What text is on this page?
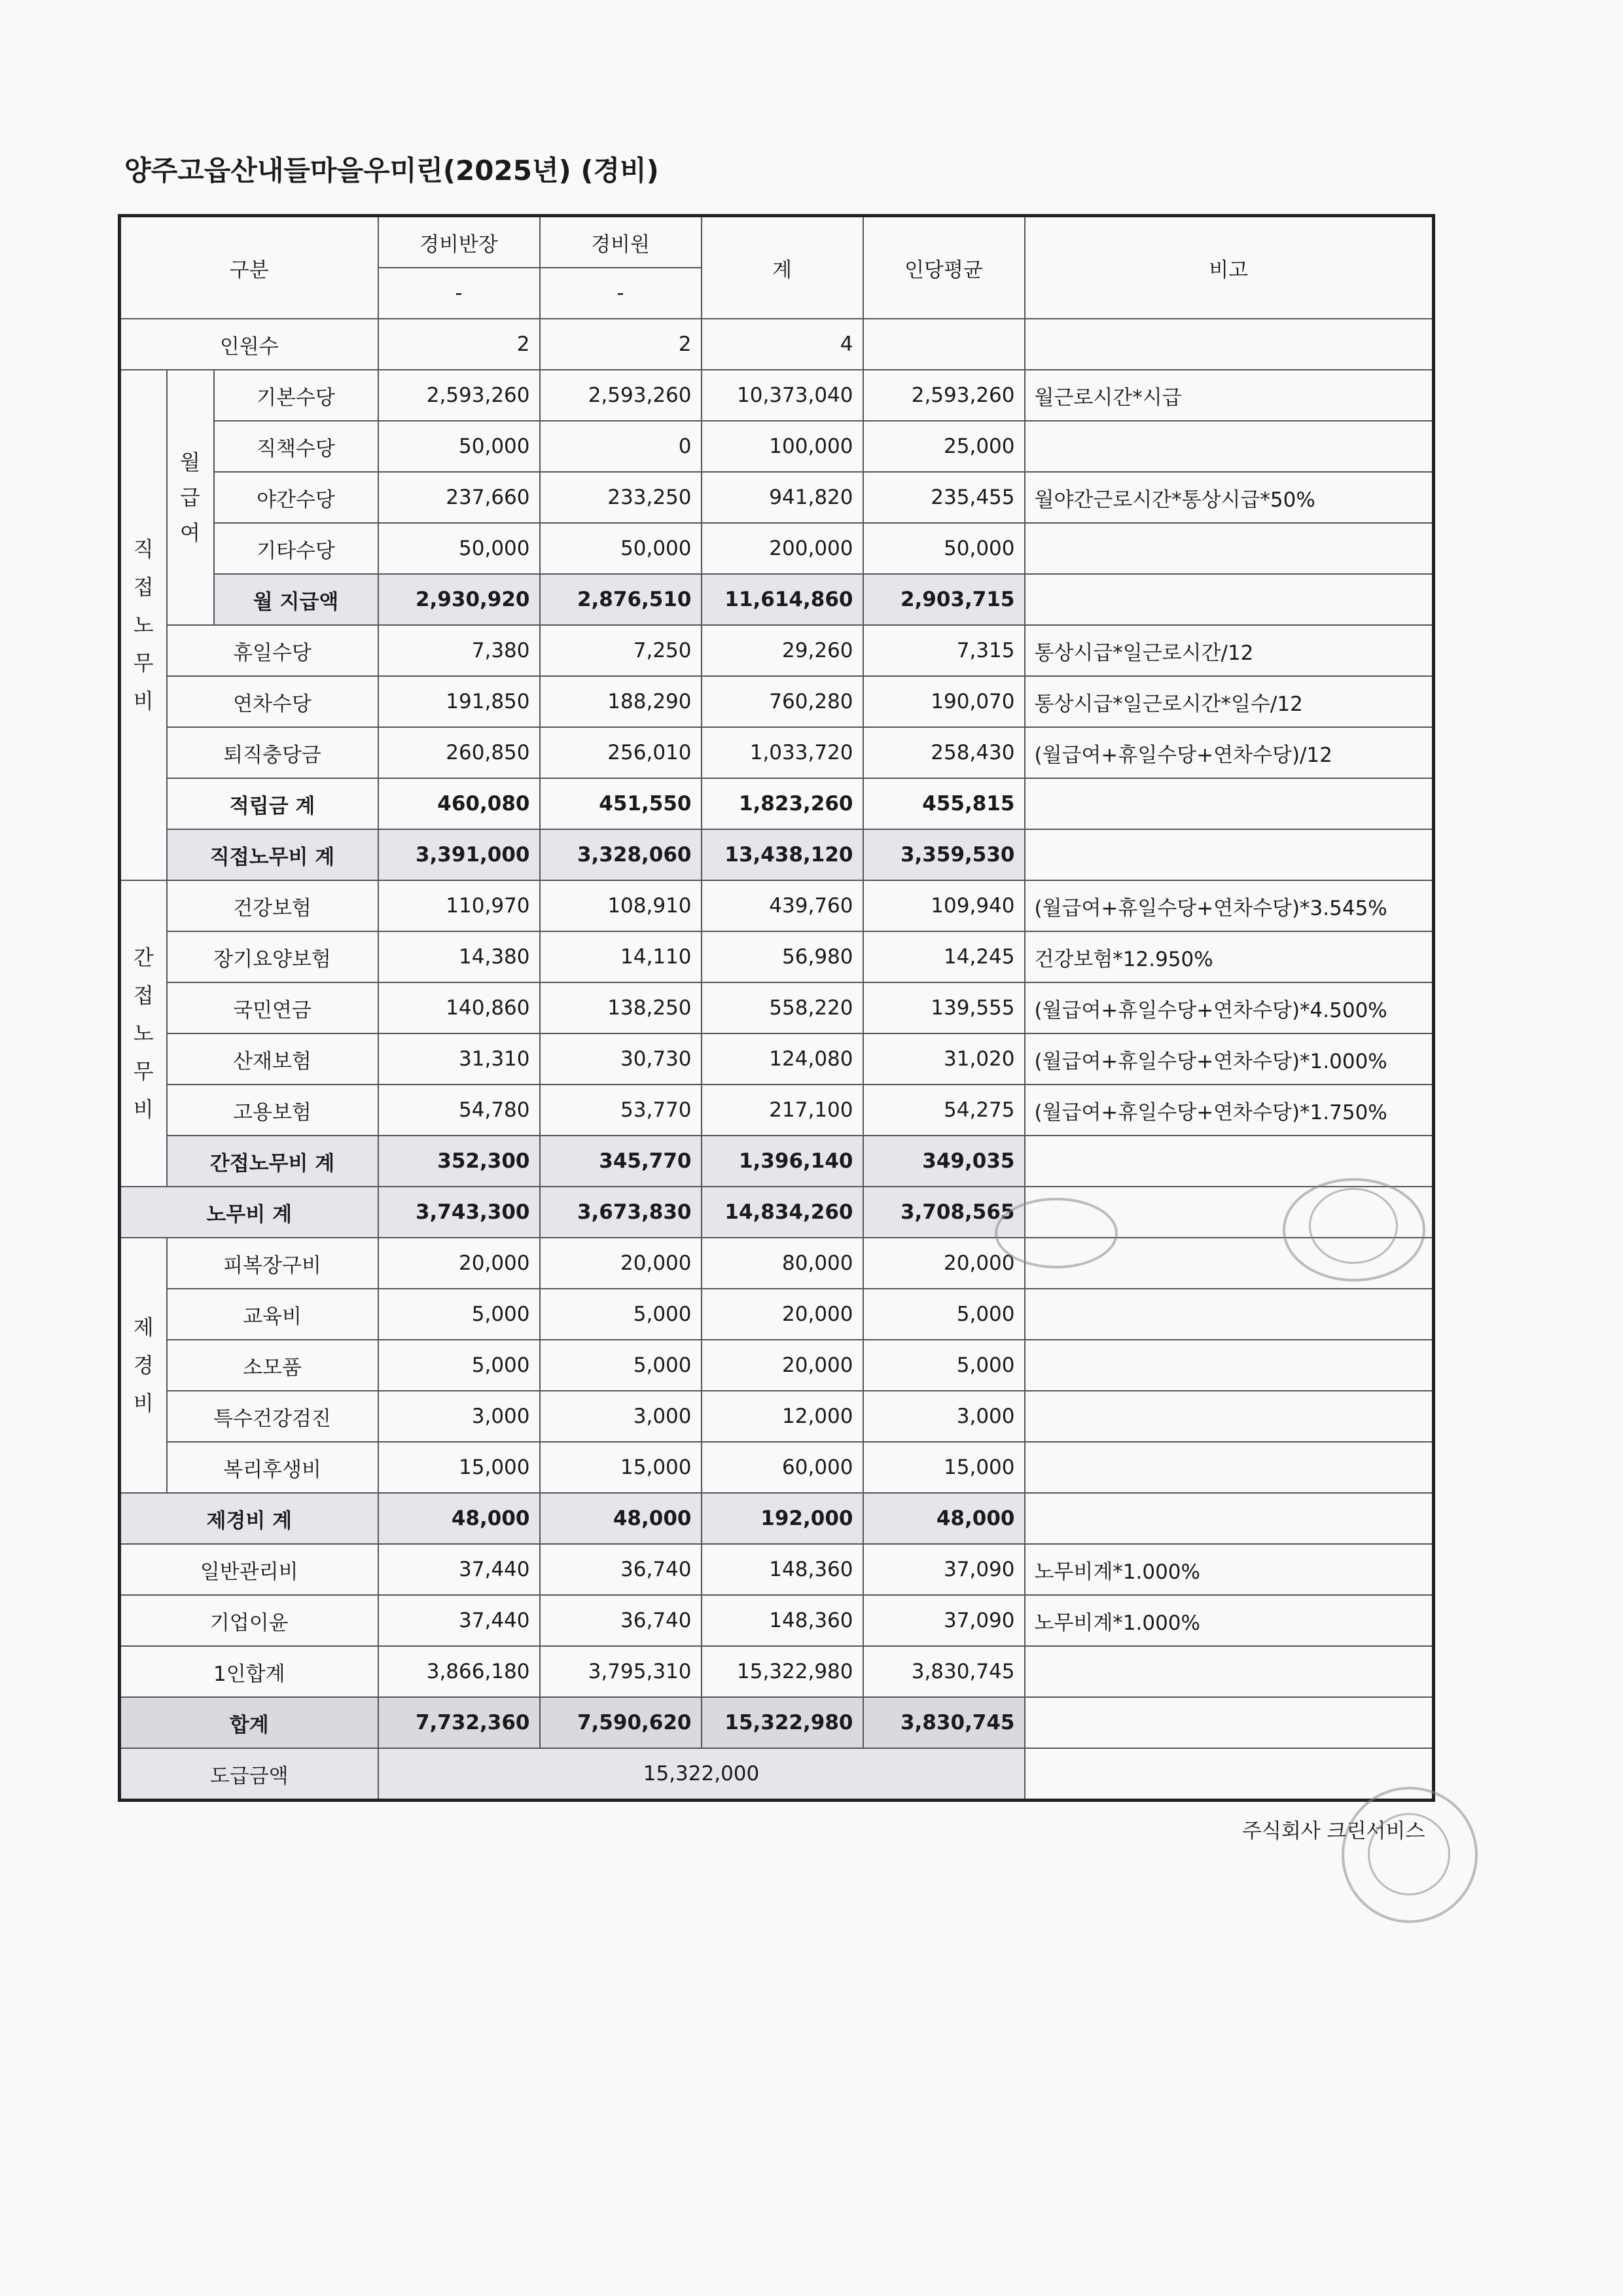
양주고읍산내들마을우미린(2025년) (경비)
구분			경비반장	경비원	계	인당평균	비고
			-	-			
인원수			2	2	4		
직
접
노
무
비	월
급
여	기본수당	2,593,260	2,593,260	10,373,040	2,593,260	월근로시간*시급
		직책수당	50,000	0	100,000	25,000	
		야간수당	237,660	233,250	941,820	235,455	월야간근로시간*통상시급*50%
		기타수당	50,000	50,000	200,000	50,000	
		월 지급액	2,930,920	2,876,510	11,614,860	2,903,715	
	휴일수당		7,380	7,250	29,260	7,315	통상시급*일근로시간/12
	연차수당		191,850	188,290	760,280	190,070	통상시급*일근로시간*일수/12
	퇴직충당금		260,850	256,010	1,033,720	258,430	(월급여+휴일수당+연차수당)/12
	적립금 계		460,080	451,550	1,823,260	455,815	
	직접노무비 계		3,391,000	3,328,060	13,438,120	3,359,530	
간
접
노
무
비	건강보험		110,970	108,910	439,760	109,940	(월급여+휴일수당+연차수당)*3.545%
	장기요양보험		14,380	14,110	56,980	14,245	건강보험*12.950%
	국민연금		140,860	138,250	558,220	139,555	(월급여+휴일수당+연차수당)*4.500%
	산재보험		31,310	30,730	124,080	31,020	(월급여+휴일수당+연차수당)*1.000%
	고용보험		54,780	53,770	217,100	54,275	(월급여+휴일수당+연차수당)*1.750%
	간접노무비 계		352,300	345,770	1,396,140	349,035	
노무비 계			3,743,300	3,673,830	14,834,260	3,708,565	
제
경
비	피복장구비		20,000	20,000	80,000	20,000	
	교육비		5,000	5,000	20,000	5,000	
	소모품		5,000	5,000	20,000	5,000	
	특수건강검진		3,000	3,000	12,000	3,000	
	복리후생비		15,000	15,000	60,000	15,000	
제경비 계			48,000	48,000	192,000	48,000	
일반관리비			37,440	36,740	148,360	37,090	노무비계*1.000%
기업이윤			37,440	36,740	148,360	37,090	노무비계*1.000%
1인합계			3,866,180	3,795,310	15,322,980	3,830,745	
합계			7,732,360	7,590,620	15,322,980	3,830,745	
도급금액			15,322,000				
주식회사 크린서비스
